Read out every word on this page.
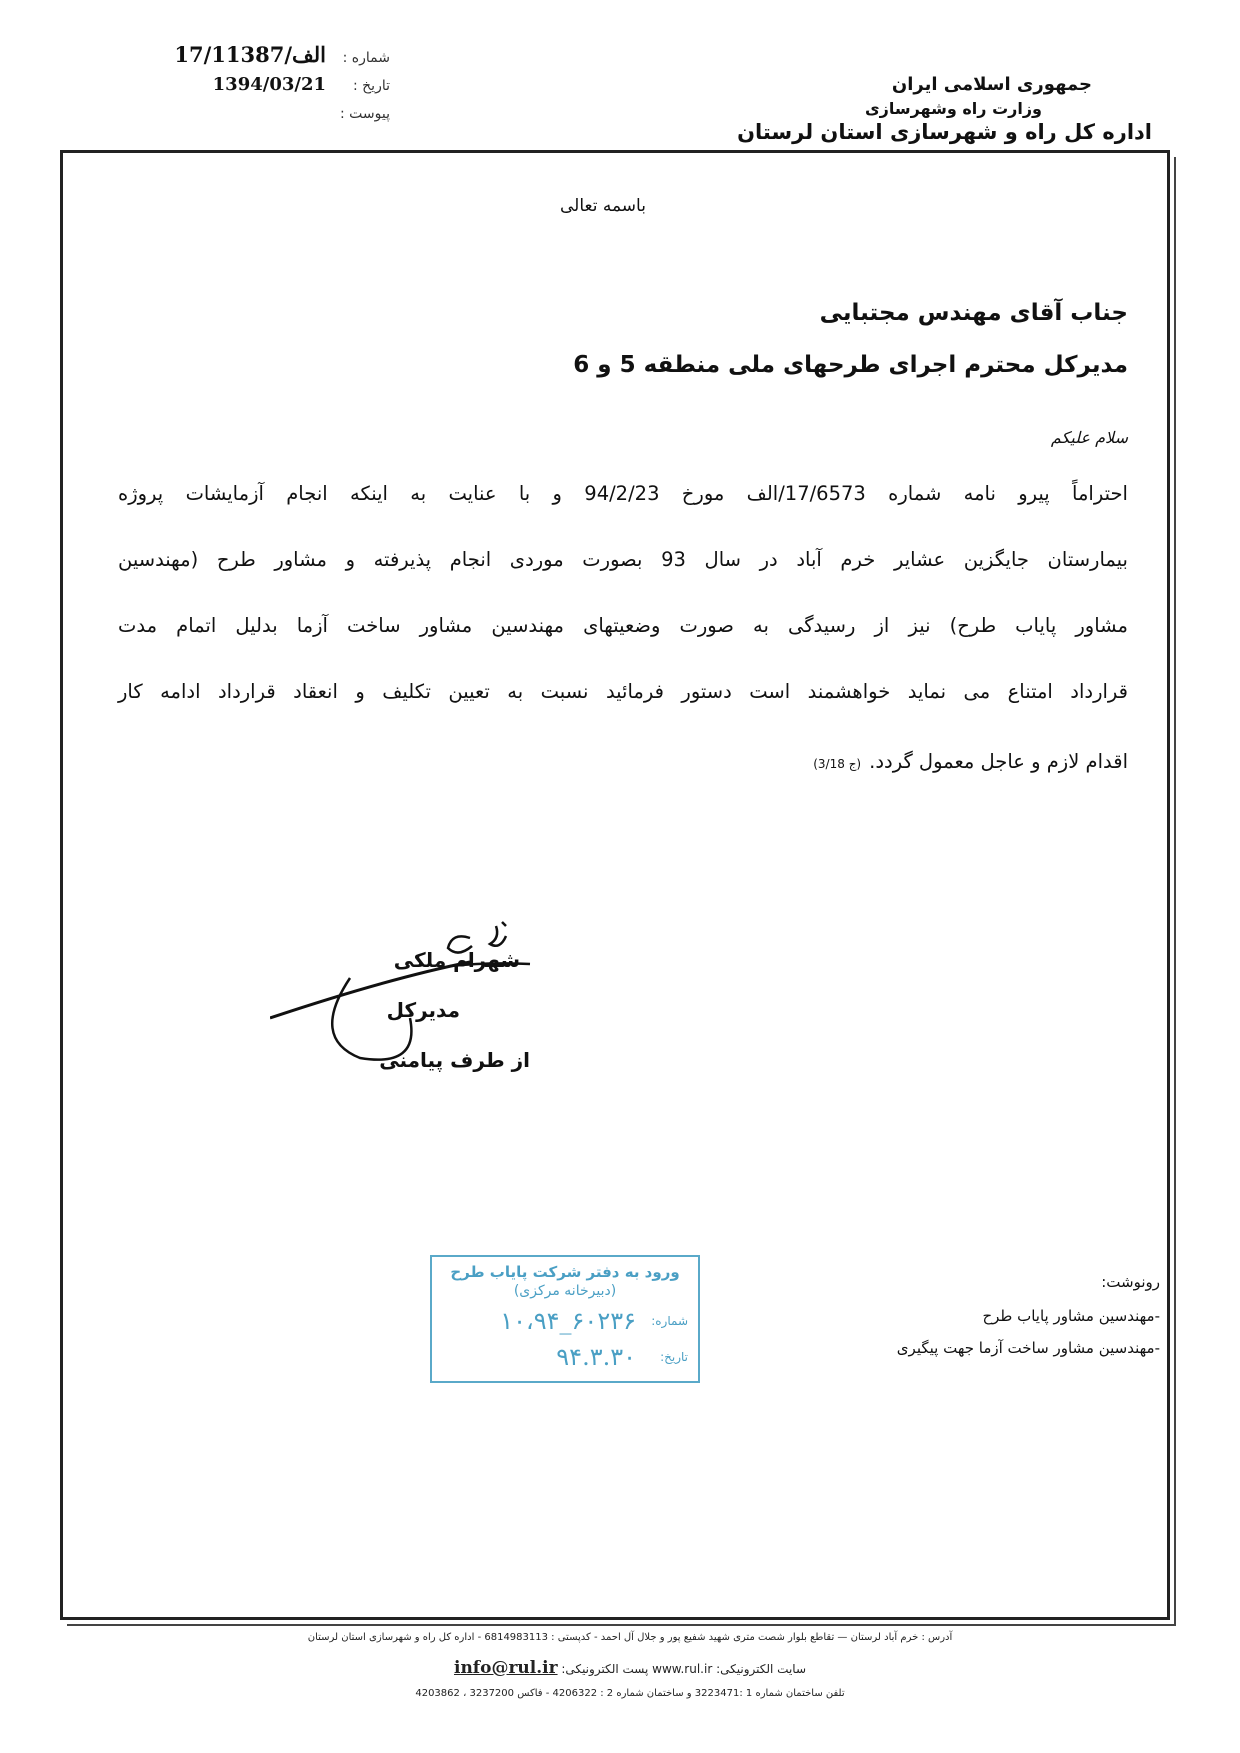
شماره :
17/11387/الف
تاریخ :
1394/03/21
پیوست :
جمهوری اسلامی ایران
وزارت راه وشهرسازی
اداره کل راه و شهرسازی استان لرستان
باسمه تعالی
جناب آقای مهندس مجتبایی
مدیرکل محترم اجرای طرحهای ملی منطقه 5 و 6
سلام علیکم
احتراماً پیرو نامه شماره 17/6573/الف مورخ 94/2/23 و با عنایت به اینکه انجام آزمایشات پروژه
بیمارستان جایگزین عشایر خرم آباد در سال 93 بصورت موردی انجام پذیرفته و مشاور طرح (مهندسین
مشاور پایاب طرح) نیز از رسیدگی به صورت وضعیتهای مهندسین مشاور ساخت آزما بدلیل اتمام مدت
قرارداد امتناع می نماید خواهشمند است دستور فرمائید نسبت به تعیین تکلیف و انعقاد قرارداد ادامه کار
اقدام لازم و عاجل معمول گردد.(ج 3/18)
شهرام ملکی
مدیرکل
از طرف پیامنی
ورود به دفتر شرکت پایاب طرح
(دبیرخانه مرکزی)
شماره:
۱۰،۹۴_۶۰۲۳۶
تاریخ:
۹۴.۳.۳۰
رونوشت:
-مهندسین مشاور پایاب طرح
-مهندسین مشاور ساخت آزما جهت پیگیری
آدرس : خرم آباد لرستان — تقاطع بلوار شصت متری شهید شفیع پور و جلال آل احمد - کدپستی : 6814983113 - اداره کل راه و شهرسازی استان لرستان
سایت الکترونیکی: www.rul.ir پست الکترونیکی: info@rul.ir
تلفن ساختمان شماره 1 :3223471 و ساختمان شماره 2 : 4206322 - فاکس 3237200 ، 4203862
